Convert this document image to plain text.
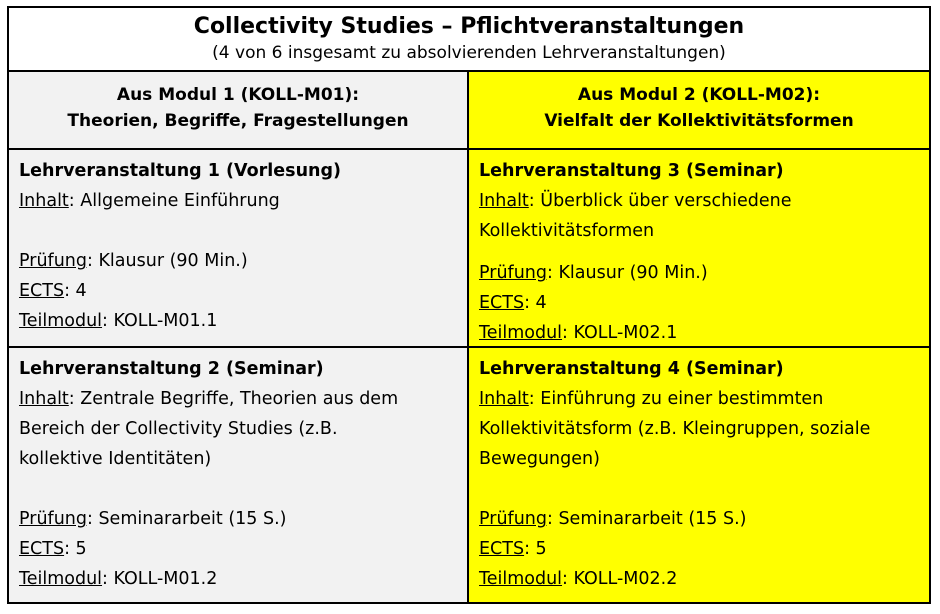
Collectivity Studies – Pflichtveranstaltungen
(4 von 6 insgesamt zu absolvierenden Lehrveranstaltungen)
Aus Modul 1 (KOLL-M01):
Theorien, Begriffe, Fragestellungen
Aus Modul 2 (KOLL-M02):
Vielfalt der Kollektivitätsformen
Lehrveranstaltung 1 (Vorlesung)
Inhalt: Allgemeine Einführung
Prüfung: Klausur (90 Min.)
ECTS: 4
Teilmodul: KOLL-M01.1
Lehrveranstaltung 3 (Seminar)
Inhalt: Überblick über verschiedene
Kollektivitätsformen
Prüfung: Klausur (90 Min.)
ECTS: 4
Teilmodul: KOLL-M02.1
Lehrveranstaltung 2 (Seminar)
Inhalt: Zentrale Begriffe, Theorien aus dem
Bereich der Collectivity Studies (z.B.
kollektive Identitäten)
Prüfung: Seminararbeit (15 S.)
ECTS: 5
Teilmodul: KOLL-M01.2
Lehrveranstaltung 4 (Seminar)
Inhalt: Einführung zu einer bestimmten
Kollektivitätsform (z.B. Kleingruppen, soziale
Bewegungen)
Prüfung: Seminararbeit (15 S.)
ECTS: 5
Teilmodul: KOLL-M02.2
